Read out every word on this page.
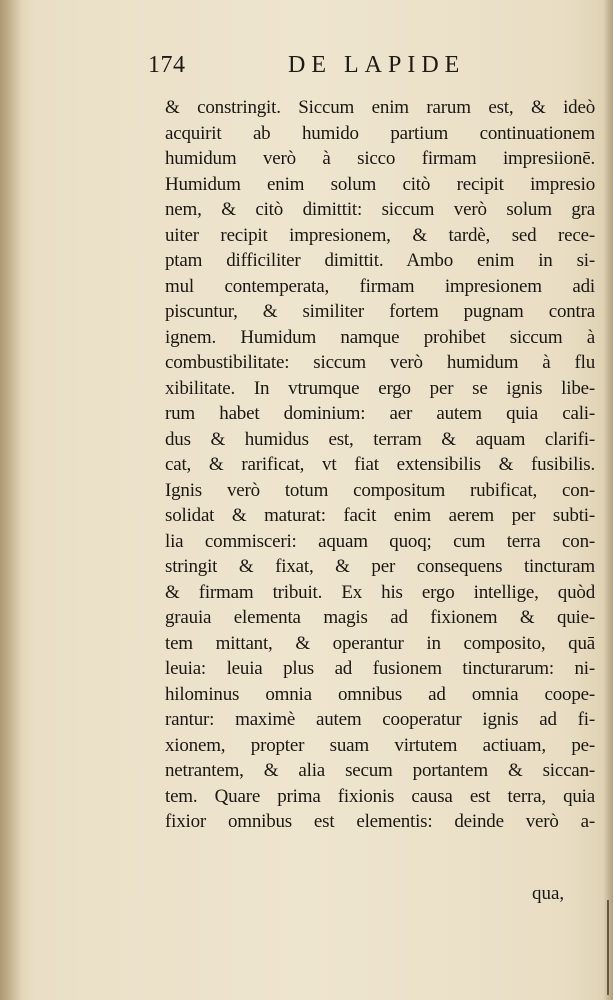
174	DE LAPIDE
& constringit. Siccum enim rarum est, & ideò
acquirit ab humido partium continuationem
humidum verò à sicco firmam impresiionē.
Humidum enim solum citò recipit impresio
nem, & citò dimittit: siccum verò solum gra
uiter recipit impresionem, & tardè, sed rece-
ptam difficiliter dimittit. Ambo enim in si-
mul contemperata, firmam impresionem adi
piscuntur, & similiter fortem pugnam contra
ignem. Humidum namque prohibet siccum à
combustibilitate: siccum verò humidum à flu
xibilitate. In vtrumque ergo per se ignis libe-
rum habet dominium: aer autem quia cali-
dus & humidus est, terram & aquam clarifi-
cat, & rarificat, vt fiat extensibilis & fusibilis.
Ignis verò totum compositum rubificat, con-
solidat & maturat: facit enim aerem per subti-
lia commisceri: aquam quoq; cum terra con-
stringit & fixat, & per consequens tincturam
& firmam tribuit. Ex his ergo intellige, quòd
grauia elementa magis ad fixionem & quie-
tem mittant, & operantur in composito, quā
leuia: leuia plus ad fusionem tincturarum: ni-
hilominus omnia omnibus ad omnia coope-
rantur: maximè autem cooperatur ignis ad fi-
xionem, propter suam virtutem actiuam, pe-
netrantem, & alia secum portantem & siccan-
tem. Quare prima fixionis causa est terra, quia
fixior omnibus est elementis: deinde verò a-
qua,
